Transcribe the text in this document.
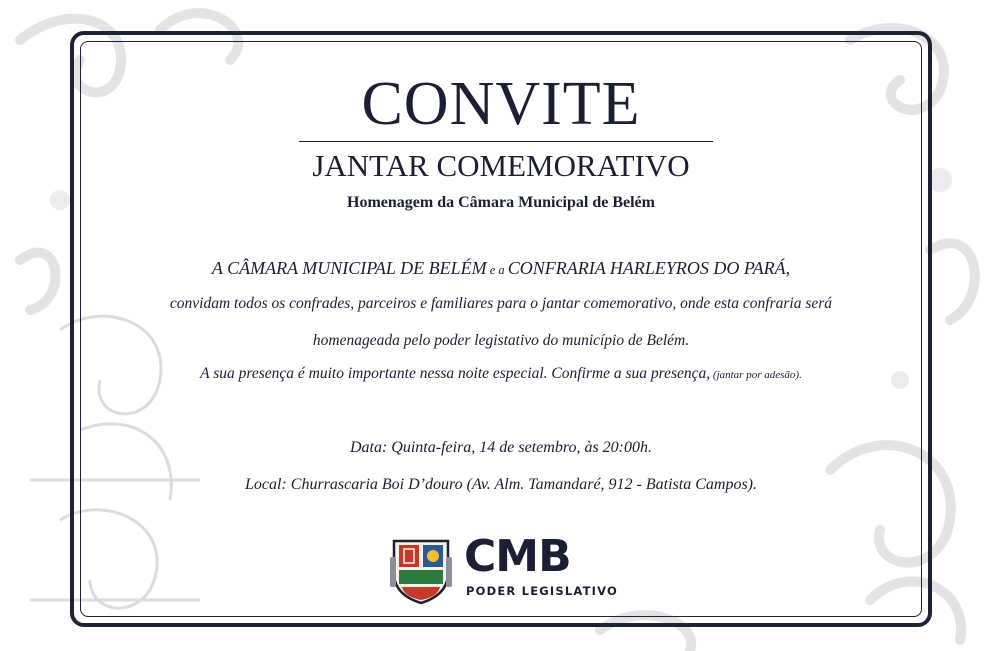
CONVITE
JANTAR COMEMORATIVO
Homenagem da Câmara Municipal de Belém
A CÂMARA MUNICIPAL DE BELÉM e a CONFRARIA HARLEYROS DO PARÁ,
convidam todos os confrades, parceiros e familiares para o jantar comemorativo, onde esta confraria será
homenageada pelo poder legistativo do município de Belém.
A sua presença é muito importante nessa noite especial. Confirme a sua presença, (jantar por adesão).
Data: Quinta-feira, 14 de setembro, às 20:00h.
Local: Churrascaria Boi D’douro (Av. Alm. Tamandaré, 912 - Batista Campos).
CMB
PODER LEGISLATIVO
